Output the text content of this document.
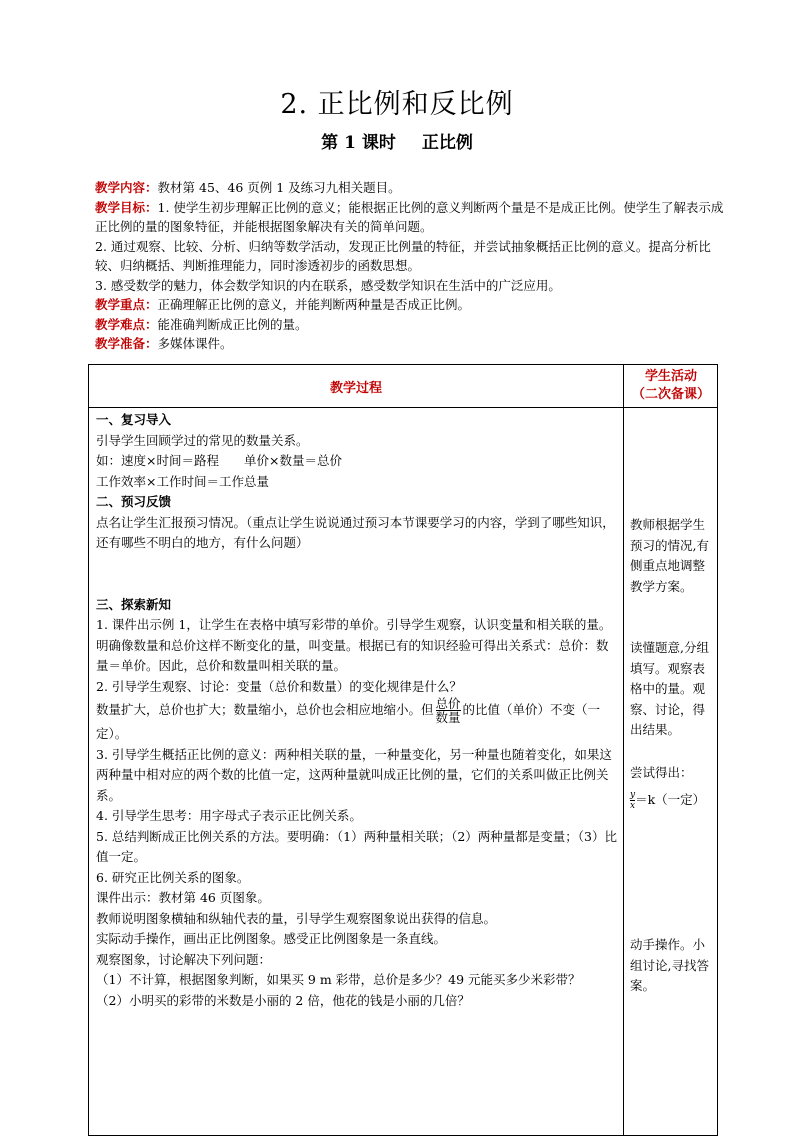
2. 正比例和反比例
第 1 课时 正比例

教学内容：教材第 45、46 页例 1 及练习九相关题目。

教学目标：1. 使学生初步理解正比例的意义；能根据正比例的意义判断两个量是不是成正比例。使学生了解表示成正比例的量的图象特征，并能根据图象解决有关的简单问题。

2. 通过观察、比较、分析、归纳等数学活动，发现正比例量的特征，并尝试抽象概括正比例的意义。提高分析比较、归纳概括、判断推理能力，同时渗透初步的函数思想。

3. 感受数学的魅力，体会数学知识的内在联系，感受数学知识在生活中的广泛应用。

教学重点：正确理解正比例的意义，并能判断两种量是否成正比例。

教学难点：能准确判断成正比例的量。

教学准备：多媒体课件。

教学过程
学生活动
（二次备课）

一、复习导入

引导学生回顾学过的常见的数量关系。

如：速度×时间＝路程　　单价×数量＝总价

工作效率×工作时间＝工作总量

二、预习反馈

点名让学生汇报预习情况。（重点让学生说说通过预习本节课要学习的内容，学到了哪些知识，还有哪些不明白的地方，有什么问题）

三、探索新知

1. 课件出示例 1，让学生在表格中填写彩带的单价。引导学生观察，认识变量和相关联的量。 明确像数量和总价这样不断变化的量，叫变量。根据已有的知识经验可得出关系式：总价：数量＝单价。因此，总价和数量叫相关联的量。

2. 引导学生观察、讨论：变量（总价和数量）的变化规律是什么？

数量扩大，总价也扩大；数量缩小，总价也会相应地缩小。但 $\frac{\text{总价}}{\text{数量}}$ 的比值（单价）不变（一定）。

3. 引导学生概括正比例的意义：两种相关联的量，一种量变化，另一种量也随着变化，如果这两种量中相对应的两个数的比值一定，这两种量就叫成正比例的量，它们的关系叫做正比例关系。

4. 引导学生思考：用字母式子表示正比例关系。

5. 总结判断成正比例关系的方法。要明确：（1）两种量相关联；（2）两种量都是变量；（3）比值一定。

6. 研究正比例关系的图象。

课件出示：教材第 46 页图象。

教师说明图象横轴和纵轴代表的量，引导学生观察图象说出获得的信息。

实际动手操作，画出正比例图象。感受正比例图象是一条直线。

观察图象，讨论解决下列问题：

（1）不计算，根据图象判断，如果买 9 m 彩带，总价是多少？49 元能买多少米彩带？

（2）小明买的彩带的米数是小丽的 2 倍，他花的钱是小丽的几倍？

教师根据学生预习的情况,有侧重点地调整教学方案。
读懂题意,分组填写。观察表格中的量。观察、讨论，得出结果。

尝试得出：

$\frac{y}{x} =k$（一定）

动手操作。小组讨论,寻找答案。
